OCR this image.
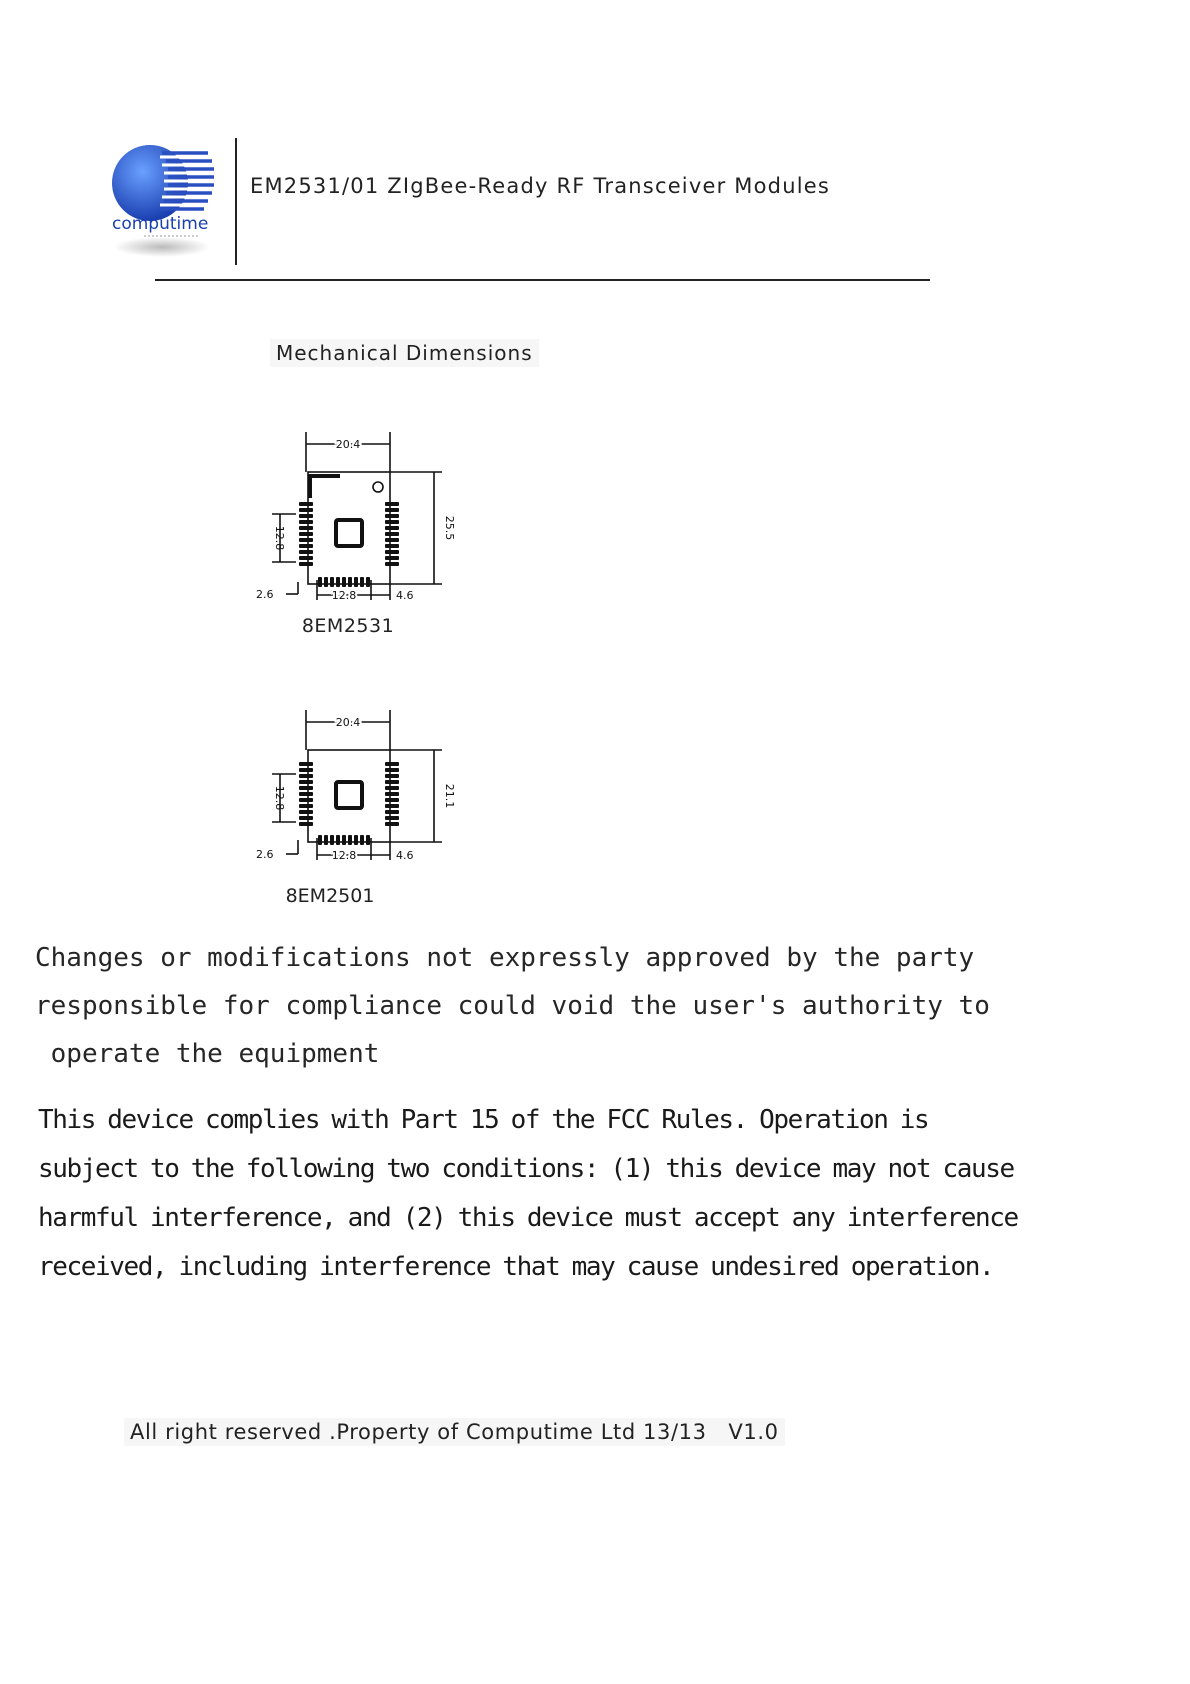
computime
EM2531/01 ZIgBee-Ready RF Transceiver Modules
Mechanical Dimensions
20.4
25.5
12.8
12.8	4.6
2.6
8EM2531
20.4
21.1
12.8
12.8	4.6
2.6
8EM2501
Changes or modifications not expressly approved by the party
responsible for compliance could void the user's authority to
operate the equipment
This device complies with Part 15 of the FCC Rules. Operation is
subject to the following two conditions: (1) this device may not cause
harmful interference, and (2) this device must accept any interference
received, including interference that may cause undesired operation.
All right reserved .Property of Computime Ltd 13/13   V1.0
